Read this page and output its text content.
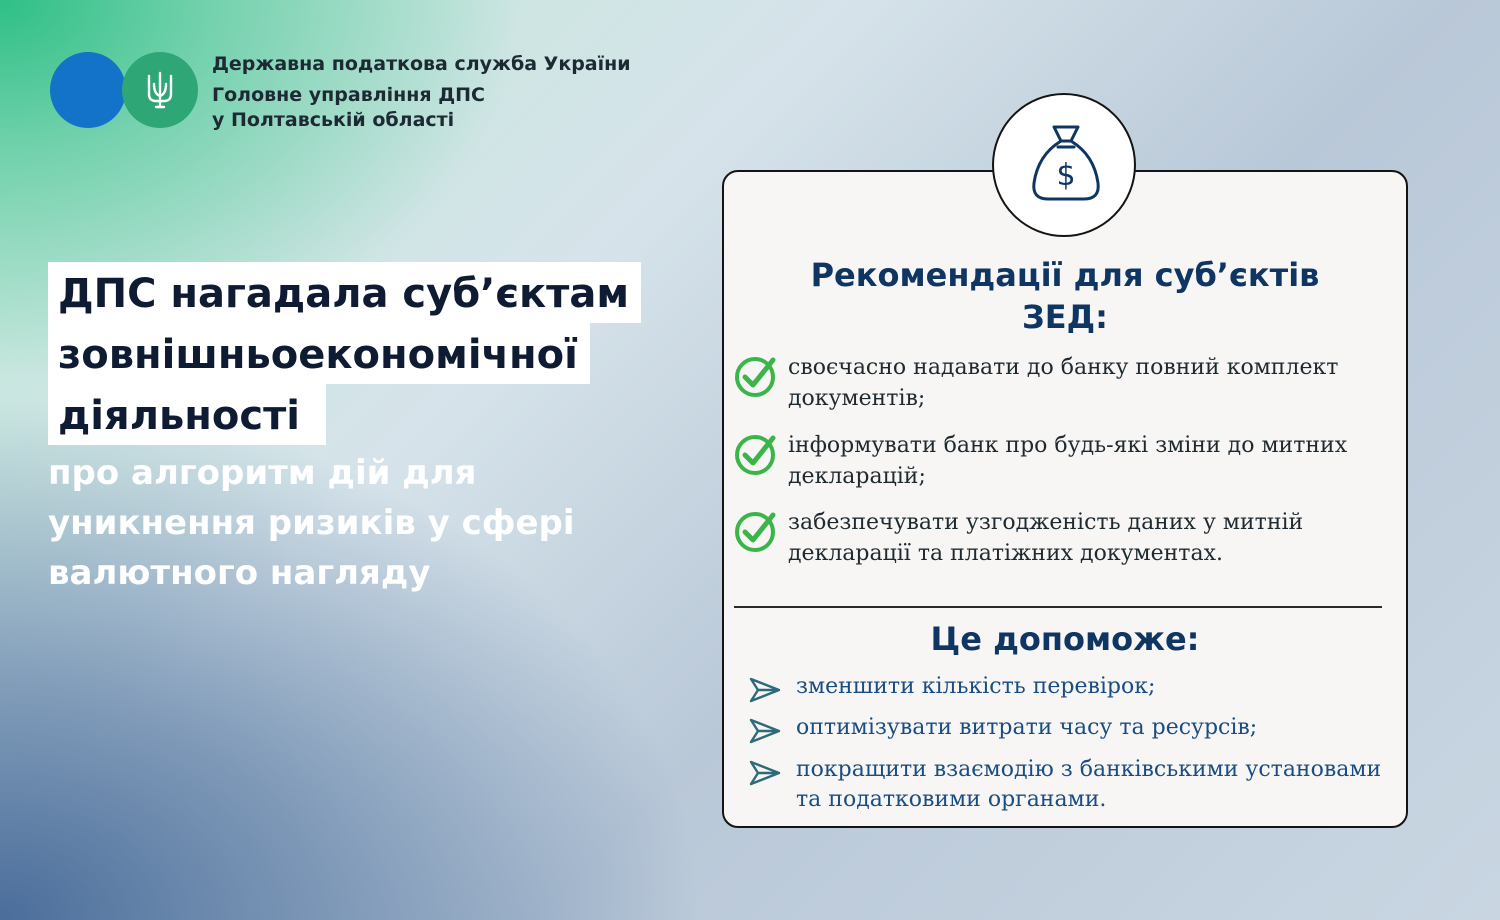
Державна податкова служба України
Головне управління ДПС
у Полтавській області
ДПС нагадала суб’єктам
зовнішньоекономічної
діяльності
про алгоритм дій для
уникнення ризиків у сфері
валютного нагляду
$
Рекомендації для суб’єктів
ЗЕД:
своєчасно надавати до банку повний комплект документів;
інформувати банк про будь-які зміни до митних декларацій;
забезпечувати узгодженість даних у митній декларації та платіжних документах.
Це допоможе:
зменшити кількість перевірок;
оптимізувати витрати часу та ресурсів;
покращити взаємодію з банківськими установами та податковими органами.
